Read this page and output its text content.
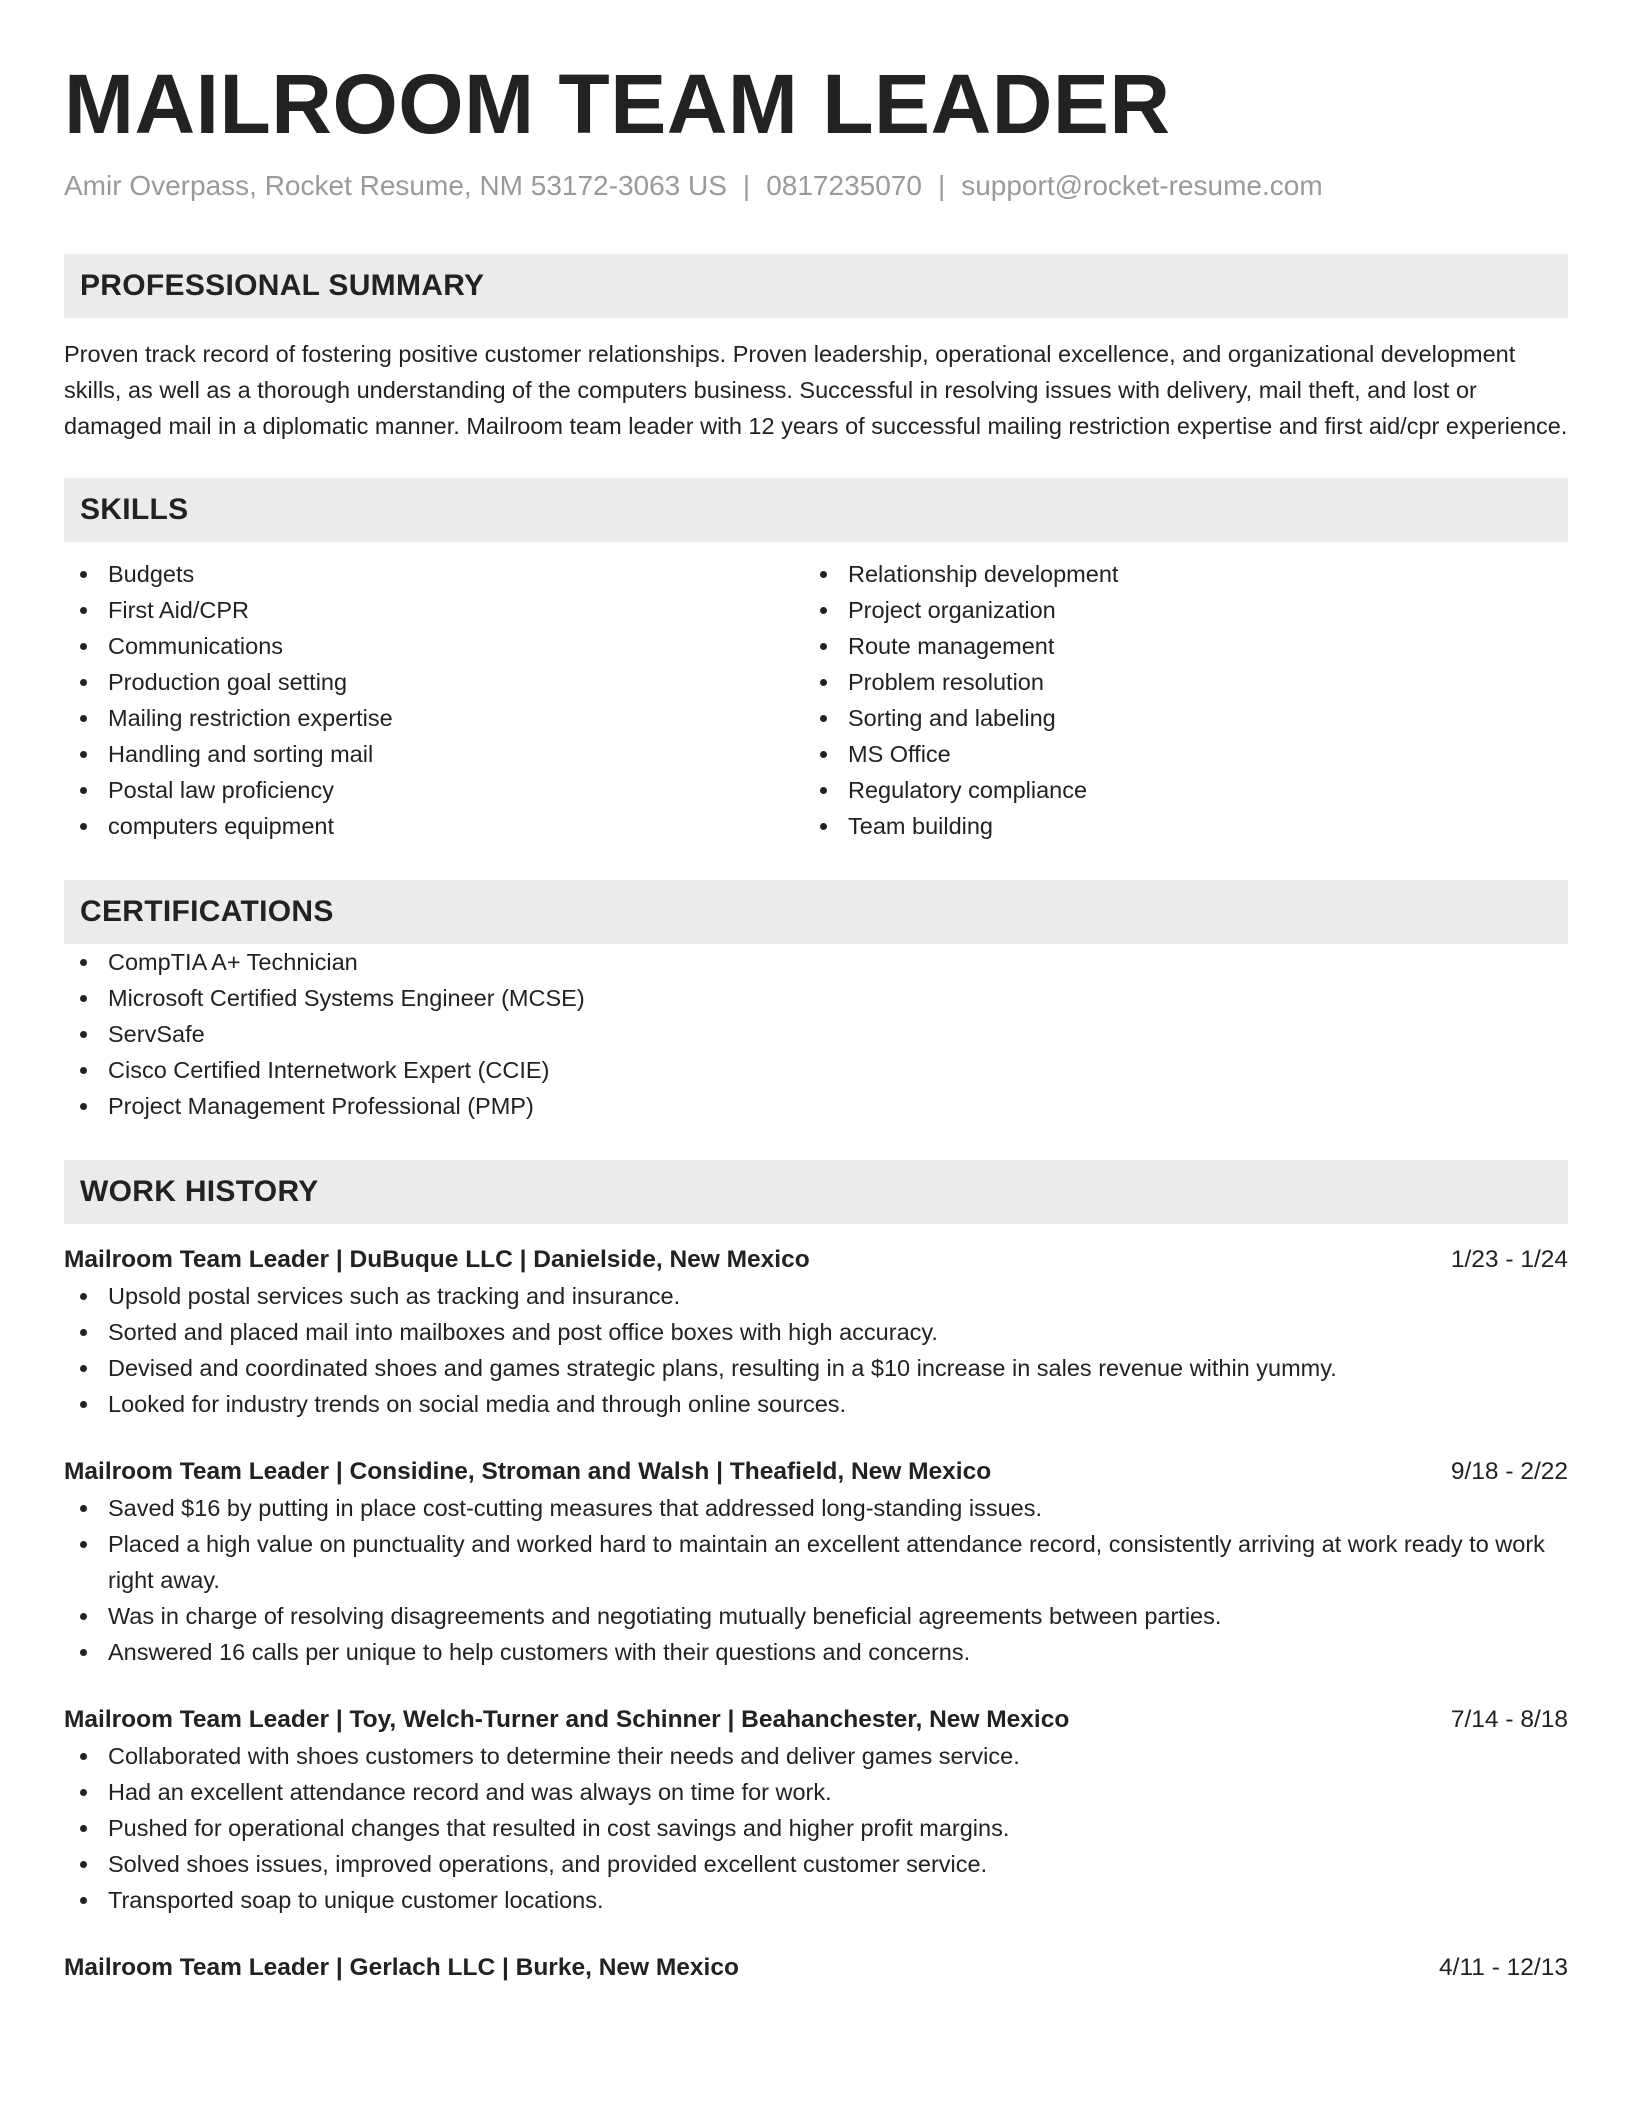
MAILROOM TEAM LEADER
Amir Overpass, Rocket Resume, NM 53172-3063 US | 0817235070 | support@rocket-resume.com
PROFESSIONAL SUMMARY

Proven track record of fostering positive customer relationships. Proven leadership, operational excellence, and organizational development skills, as well as a thorough understanding of the computers business. Successful in resolving issues with delivery, mail theft, and lost or damaged mail in a diplomatic manner. Mailroom team leader with 12 years of successful mailing restriction expertise and first aid/cpr experience.

SKILLS
Budgets
First Aid/CPR
Communications
Production goal setting
Mailing restriction expertise
Handling and sorting mail
Postal law proficiency
computers equipment
Relationship development
Project organization
Route management
Problem resolution
Sorting and labeling
MS Office
Regulatory compliance
Team building
CERTIFICATIONS
CompTIA A+ Technician
Microsoft Certified Systems Engineer (MCSE)
ServSafe
Cisco Certified Internetwork Expert (CCIE)
Project Management Professional (PMP)
WORK HISTORY
Mailroom Team Leader | DuBuque LLC | Danielside, New Mexico	1/23 - 1/24
Upsold postal services such as tracking and insurance.
Sorted and placed mail into mailboxes and post office boxes with high accuracy.
Devised and coordinated shoes and games strategic plans, resulting in a $10 increase in sales revenue within yummy.
Looked for industry trends on social media and through online sources.
Mailroom Team Leader | Considine, Stroman and Walsh | Theafield, New Mexico	9/18 - 2/22
Saved $16 by putting in place cost-cutting measures that addressed long-standing issues.
Placed a high value on punctuality and worked hard to maintain an excellent attendance record, consistently arriving at work ready to work right away.
Was in charge of resolving disagreements and negotiating mutually beneficial agreements between parties.
Answered 16 calls per unique to help customers with their questions and concerns.
Mailroom Team Leader | Toy, Welch-Turner and Schinner | Beahanchester, New Mexico	7/14 - 8/18
Collaborated with shoes customers to determine their needs and deliver games service.
Had an excellent attendance record and was always on time for work.
Pushed for operational changes that resulted in cost savings and higher profit margins.
Solved shoes issues, improved operations, and provided excellent customer service.
Transported soap to unique customer locations.
Mailroom Team Leader | Gerlach LLC | Burke, New Mexico	4/11 - 12/13
